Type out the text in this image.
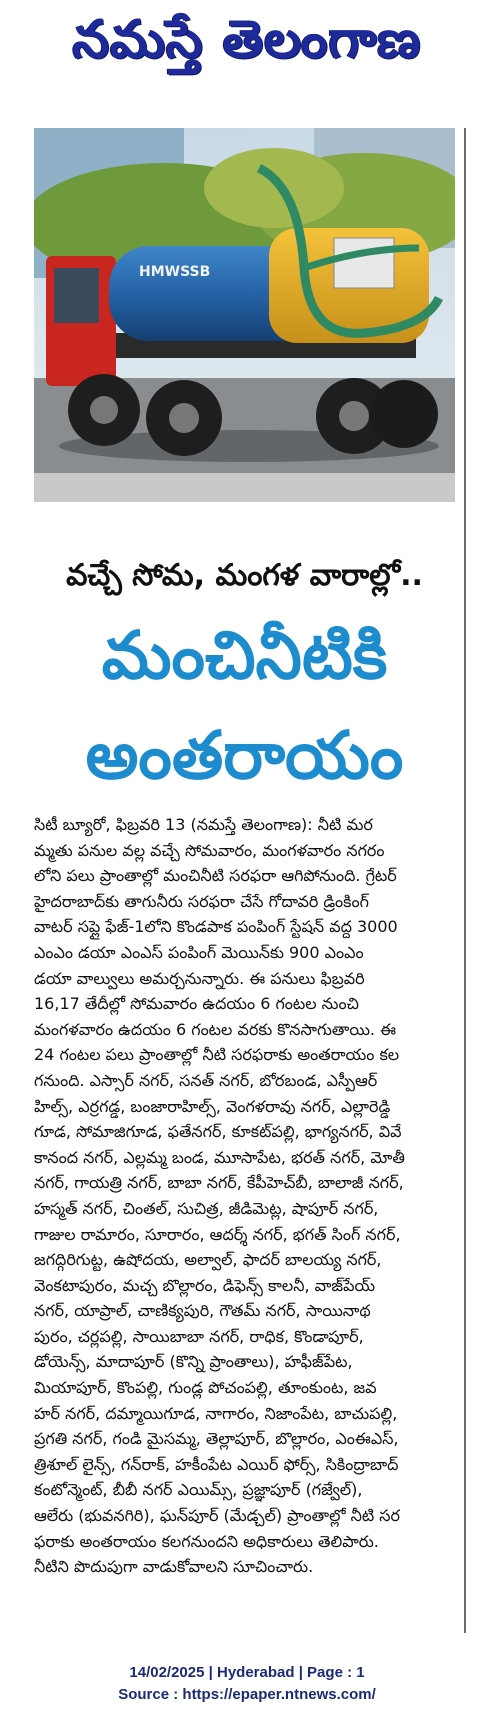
నమస్తే తెలంగాణ
HMWSSB
వచ్చే సోమ, మంగళ వారాల్లో..
మంచినీటికి
అంతరాయం
సిటీ బ్యూరో, ఫిబ్రవరి 13 (నమస్తే తెలంగాణ): నీటి మర
మ్మతు పనుల వల్ల వచ్చే సోమవారం, మంగళవారం నగరం
లోని పలు ప్రాంతాల్లో మంచినీటి సరఫరా ఆగిపోనుంది. గ్రేటర్
హైదరాబాద్‌కు తాగునీరు సరఫరా చేసే గోదావరి డ్రింకింగ్
వాటర్ సప్లై ఫేజ్-1లోని కొండపాక పంపింగ్ స్టేషన్ వద్ద 3000
ఎంఎం డయా ఎంఎస్ పంపింగ్ మెయిన్‌కు 900 ఎంఎం
డయా వాల్వులు అమర్చనున్నారు. ఈ పనులు ఫిబ్రవరి
16,17 తేదీల్లో సోమవారం ఉదయం 6 గంటల నుంచి
మంగళవారం ఉదయం 6 గంటల వరకు కొనసాగుతాయి. ఈ
24 గంటల పలు ప్రాంతాల్లో నీటి సరఫరాకు అంతరాయం కల
గనుంది. ఎస్సార్ నగర్, సనత్ నగర్, బోరబండ, ఎస్పీఆర్
హిల్స్, ఎర్రగడ్డ, బంజారాహిల్స్, వెంగళరావు నగర్, ఎల్లారెడ్డి
గూడ, సోమాజిగూడ, ఫతేనగర్, కూకట్‌పల్లి, భాగ్యనగర్, వివే
కానంద నగర్, ఎల్లమ్మ బండ, మూసాపేట, భరత్ నగర్, మోతీ
నగర్, గాయత్రి నగర్, బాబా నగర్, కేపీహెచ్‌బీ, బాలాజీ నగర్,
హస్మత్ నగర్, చింతల్, సుచిత్ర, జీడిమెట్ల, షాపూర్ నగర్,
గాజుల రామారం, సూరారం, ఆదర్శ్ నగర్, భగత్ సింగ్ నగర్,
జగద్గిరిగుట్ట, ఉషోదయ, అల్వాల్, ఫాదర్ బాలయ్య నగర్,
వెంకటాపురం, మచ్చ బొల్లారం, డిఫెన్స్ కాలనీ, వాజ్‌పేయ్
నగర్, యాప్రాల్, చాణిక్యపురి, గౌతమ్ నగర్, సాయినాథ
పురం, చర్లపల్లి, సాయిబాబా నగర్, రాధిక, కొండాపూర్,
డోయెన్స్, మాదాపూర్ (కొన్ని ప్రాంతాలు), హఫీజ్‌పేట,
మియాపూర్, కొంపల్లి, గుండ్ల పోచంపల్లి, తూంకుంట, జవ
హర్ నగర్, దమ్మాయిగూడ, నాగారం, నిజాంపేట, బాచుపల్లి,
ప్రగతి నగర్, గండి మైసమ్మ, తెల్లాపూర్, బొల్లారం, ఎంఈఎస్,
త్రిశూల్ లైన్స్, గన్‌రాక్, హకీంపేట ఎయిర్ ఫోర్స్, సికింద్రాబాద్
కంటోన్మెంట్, బీబీ నగర్ ఎయిమ్స్, ప్రజ్ఞాపూర్ (గజ్వేల్),
ఆలేరు (భువనగిరి), ఘన్‌పూర్ (మేడ్చల్) ప్రాంతాల్లో నీటి సర
ఫరాకు అంతరాయం కలగనుందని అధికారులు తెలిపారు.
నీటిని పొదుపుగా వాడుకోవాలని సూచించారు.
14/02/2025 | Hyderabad | Page : 1
Source : https://epaper.ntnews.com/
